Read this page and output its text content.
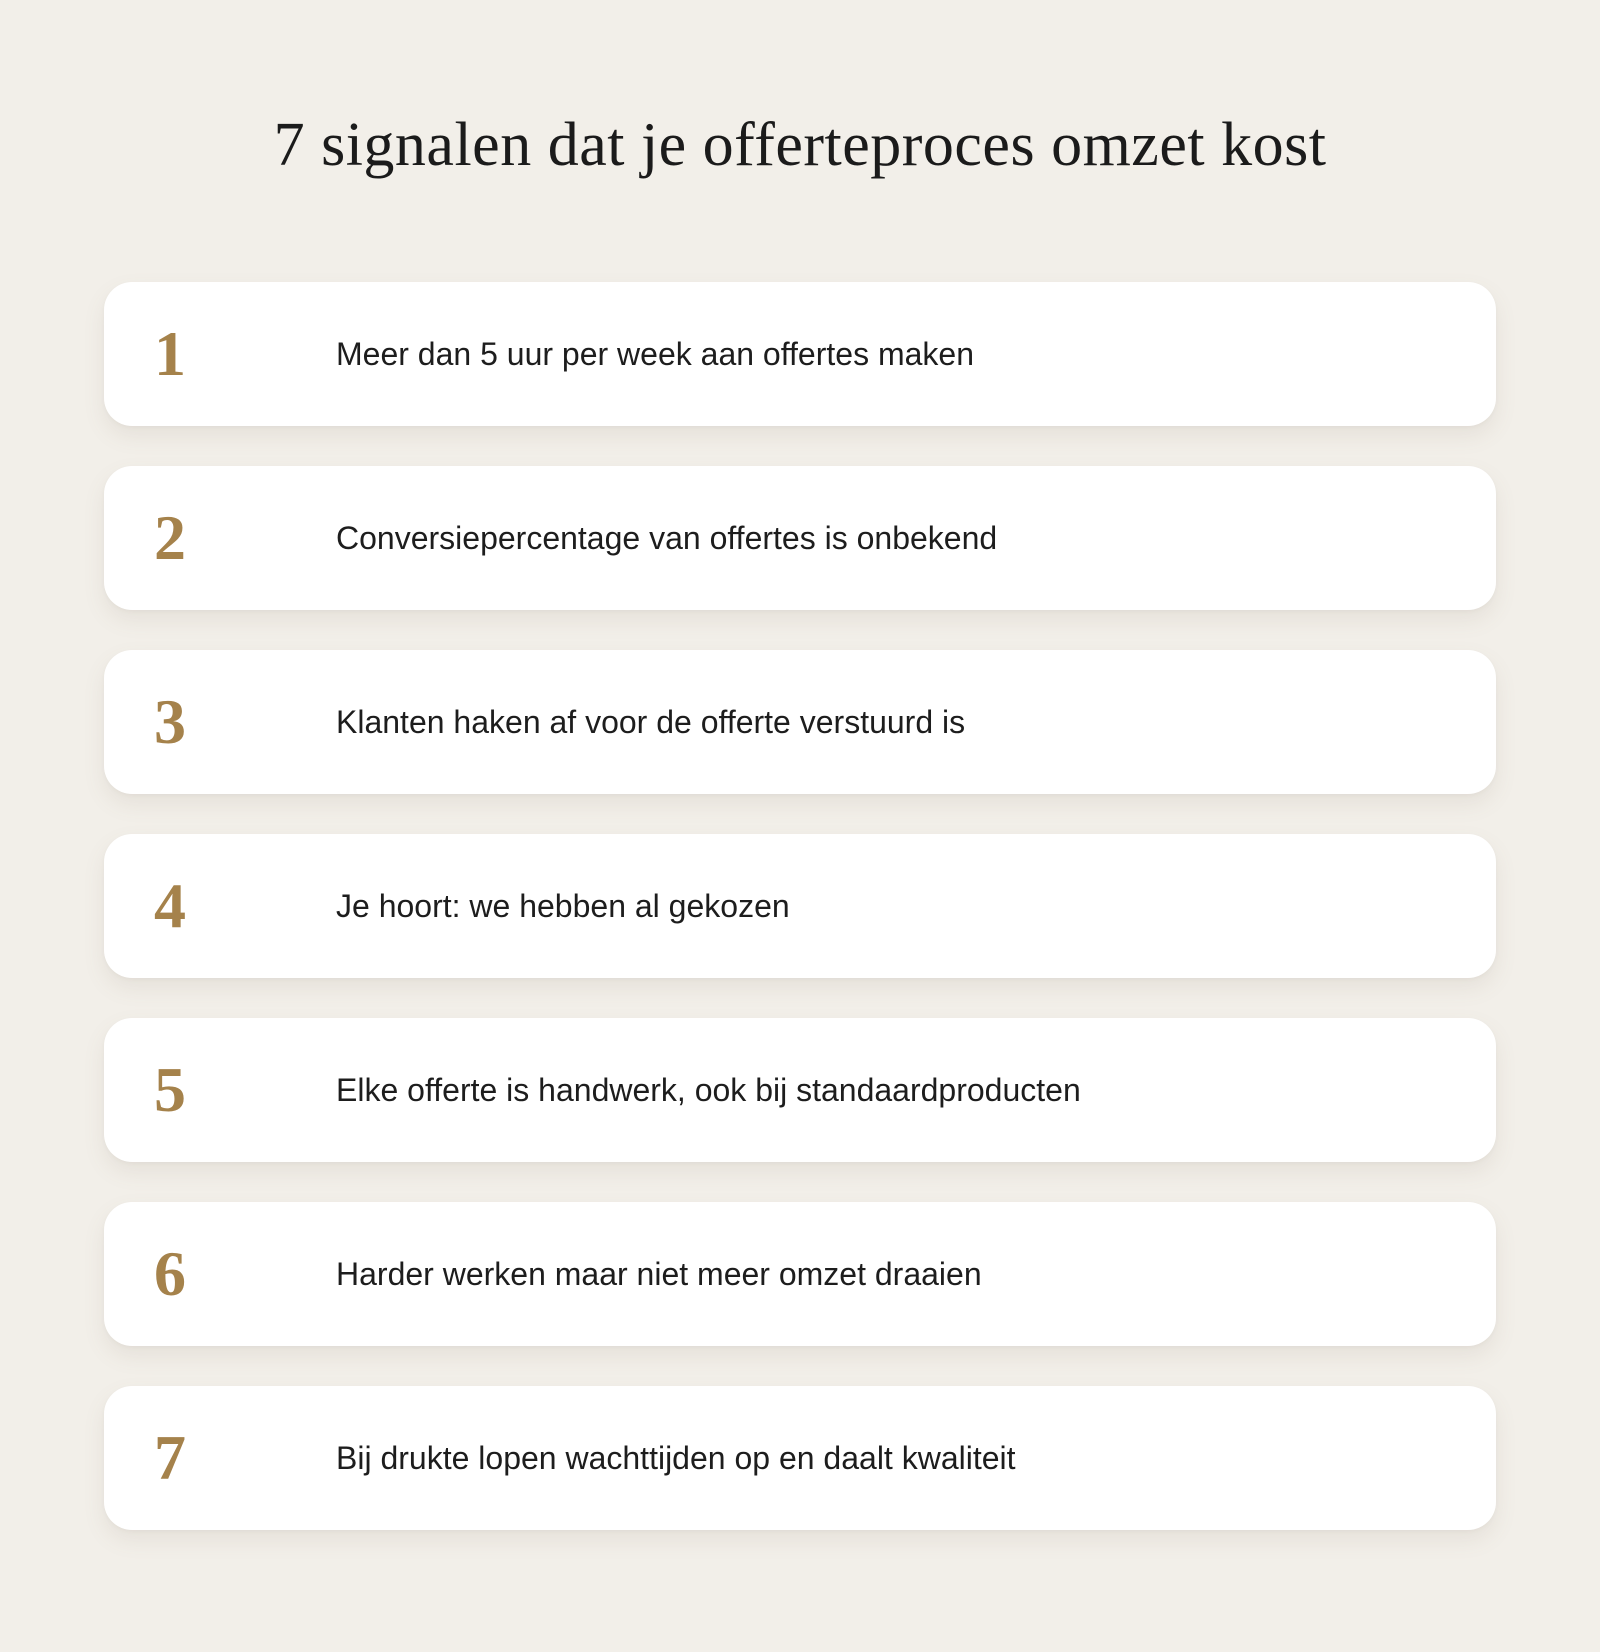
7 signalen dat je offerteproces omzet kost
1	Meer dan 5 uur per week aan offertes maken
2	Conversiepercentage van offertes is onbekend
3	Klanten haken af voor de offerte verstuurd is
4	Je hoort: we hebben al gekozen
5	Elke offerte is handwerk, ook bij standaardproducten
6	Harder werken maar niet meer omzet draaien
7	Bij drukte lopen wachttijden op en daalt kwaliteit
